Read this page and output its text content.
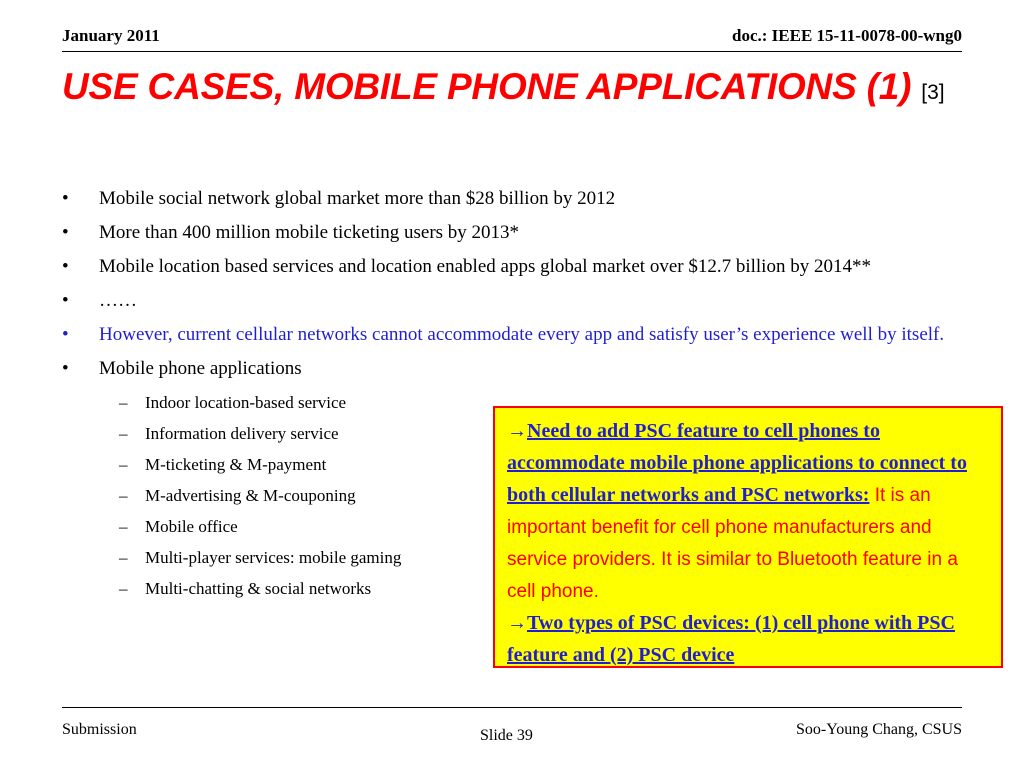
January 2011	doc.: IEEE 15-11-0078-00-wng0
USE CASES, MOBILE PHONE APPLICATIONS (1) [3]
• Mobile social network global market more than $28 billion by 2012
• More than 400 million mobile ticketing users by 2013*
• Mobile location based services and location enabled apps global market over $12.7 billion by 2014**
• ……
• However, current cellular networks cannot accommodate every app and satisfy user’s experience well by itself.
• Mobile phone applications
– Indoor location-based service
– Information delivery service
– M-ticketing & M-payment
– M-advertising & M-couponing
– Mobile office
– Multi-player services: mobile gaming
– Multi-chatting & social networks

→Need to add PSC feature to cell phones to accommodate mobile phone applications to connect to both cellular networks and PSC networks: It is an important benefit for cell phone manufacturers and service providers. It is similar to Bluetooth feature in a cell phone.

→Two types of PSC devices: (1) cell phone with PSC feature and (2) PSC device

Submission	Slide 39	Soo-Young Chang, CSUS
